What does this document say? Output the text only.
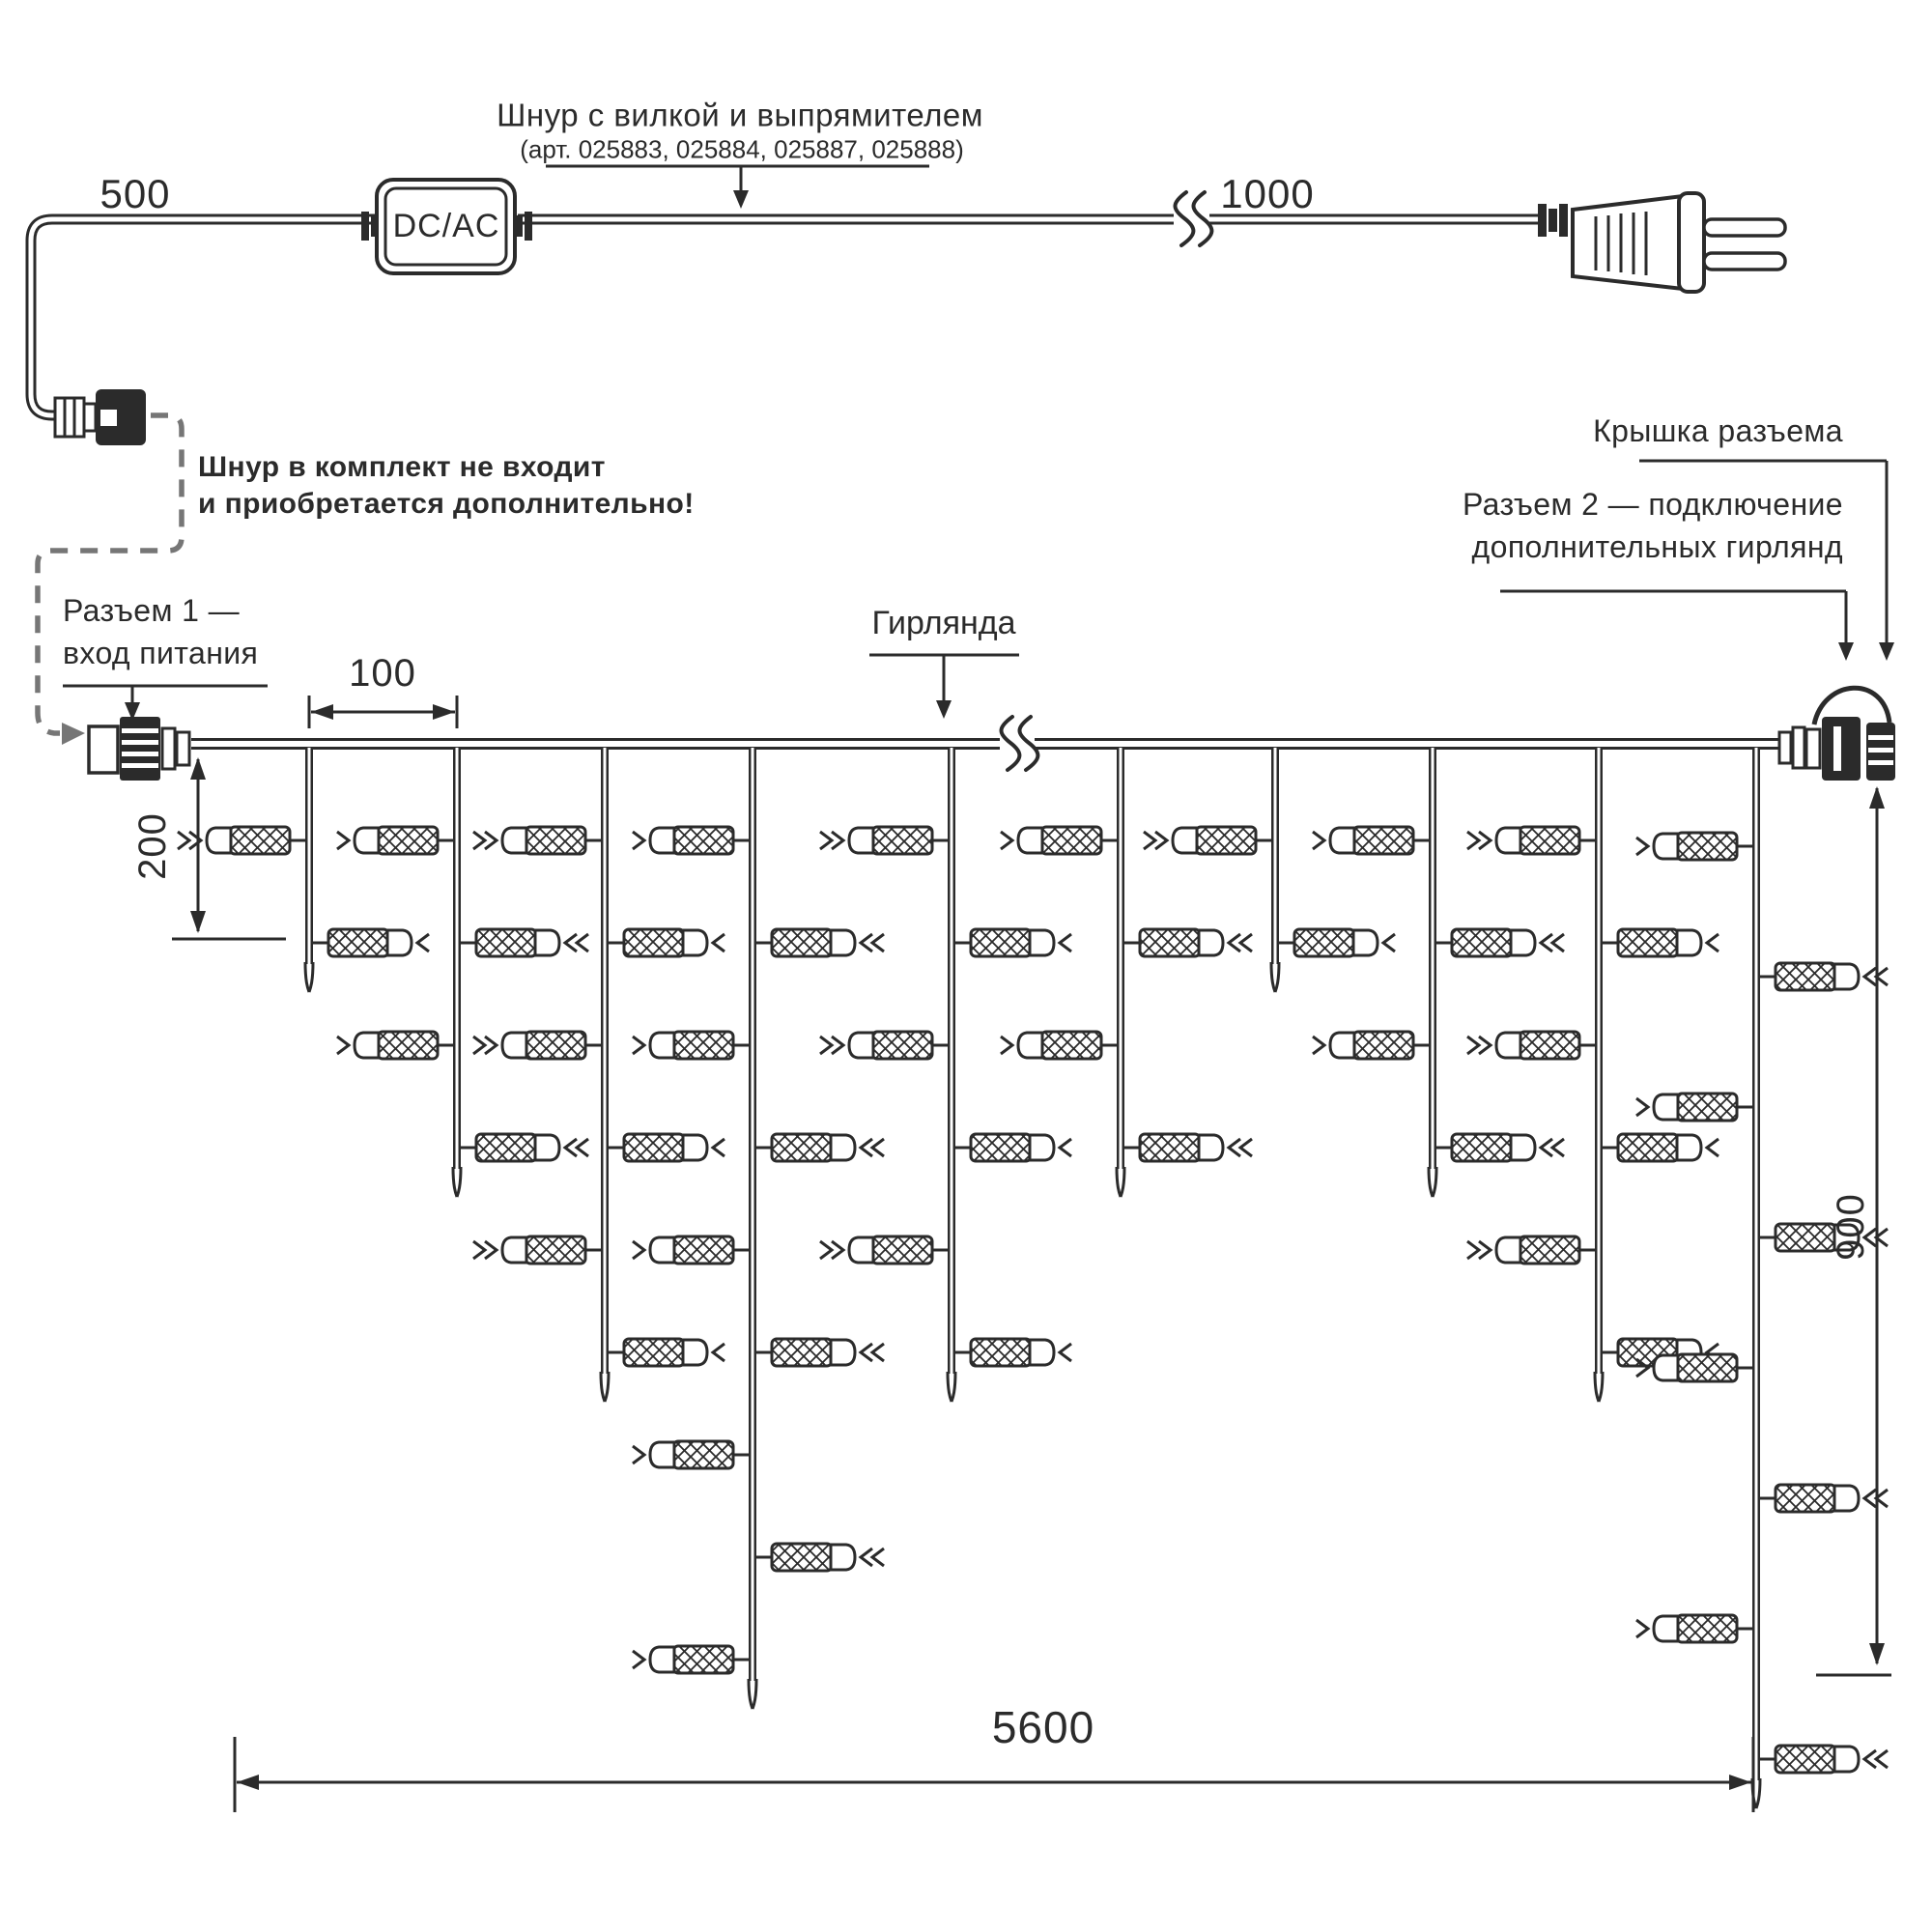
Шнур с вилкой и выпрямителем
(арт. 025883, 025884, 025887, 025888)
500	1000
DC/AC
Шнур в комплект не входит
и приобретается дополнительно!
Разъем 1 —
вход питания 100
Гирлянда
Крышка разъема
Разъем 2 — подключение
дополнительных гирлянд
200
900
5600
